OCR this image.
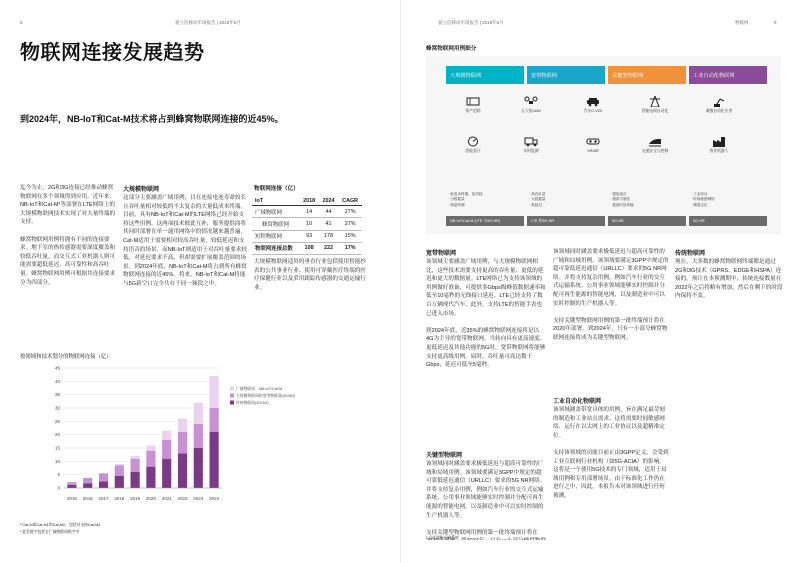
8	爱立信移动市场报告 | 2019年6月
物联网连接发展趋势
到2024年，NB-IoT和Cat-M技术将占到蜂窝物联网连接的近45%。
迄今为止，2G和3G连接已经推动蜂窝物联网在多个领域得到应用。近年来，NB-IoT和Cat-M¹等部署在LTE网络上的大规模物联网技术实现了对大量终端的支持。

蜂窝物联网用例将拥有不同的连接要求。地下室的热传感器需要深度覆盖和较低吞吐量，而交互式工业机器人则可能需要超低延迟、高可靠性和高吞吐量。蜂窝物联网用例可根据其连接要求分为四部分。
大规模物联网
这部分主要涵盖广域用例，目在连接电池寿命较长且吞吐量相对较低的不太复杂的大量低成本终端。目前，具有NB-IoT和Cat-M的LTE网络已经开始支持这些用例。这两项技术彼此互补，服务提供商将其同时部署在单一通用网络中的情况越来越普遍。Cat-M适用于需要相对较高吞吐量、较低延迟和支持语音的场景，而NB-IoT则适用于对吞吐量要求较低、对延迟要求不高、但却需要扩展覆盖范围的场景。到2024年底，NB-IoT和Cat-M将占到所有蜂窝物联网连接的近45%。将来，NB-IoT和Cat-M将能与5G新空口完全共存于同一频段之中。
物联网连接（亿）
IoT	2018	2024	CAGR
广域物联网	14	44	27%
蜂窝物联网	10	41	27%
短程物联网	93	178	15%
物联网连接总数	108	222	17%
大规模物联网适用的垂直行业包括使用智能抄表的公共事业行业、使用可穿戴医疗终端的医疗保健行业以及采用跟踪传感器的交通运输行业。
按领域和技术划分的物联网连接（亿）
0
5
10
15
20
25
30
35
40
45
2015 2016 2017 2018 2019 2020 2021 2022 2023 2024
广域物联网：NB-IoT/Cat-M
大规模物联网和宽带物联网(4G/5G)
传统物联网(2G/3G)
¹ Cat-M即Cat-M1和Cat-M2，包括对支持Cat-M1
² 此处数字包括在广域物联网数字中
爱立信移动市场报告 | 2019年6月	物联网	9
蜂窝物联网用例细分
大规模物联网	宽带物联网	关键型物联网	工业自动化物联网
资产追踪	无人机/UAV	汽车C-V2X	智能电网自动化	离散自动化应用
智能表计	实时监测	VR/AR	交通安全与控制	协作机器人
· 低成本终端、低功耗
· 小数据量
· 海量终端
· 高吞吐量
· 大数据量
· 低延迟
· 超低延迟
· 超高可靠性
· 极低时延传输
· 工业协议
· 时间敏感网络
· 精准定位
NB-IoT/Cat-M (LTE 与5G NR)	LTE 和5G NR	5G NR	5G NR
宽带物联网
该领域主要涵盖广域用例，与大规模物联网相比，这些技术需要支持更高的吞吐量、更低的延迟和更大的数据量。LTE网络已为支持该领域的用例做好准备，可提供多Gbps级峰值数据速率和低至10毫秒的无线接口延迟。LTE已经支持了数百万辆现代汽车，此外，支持LTE的智能手表也已进入市场。

到2024年底，近35%的蜂窝物联网连接将是以4G为主导的宽带物联网。当转向具有更高速度、更低延迟及其他功能的5G时，宽带物联网将能够支持更高级用例。届时，吞吐量可高达数十Gbps，延迟可低至5毫秒。
关键型物联网
该领域同时涵盖要求极低延迟与超高可靠性的广域和局域用例。该领域要满足3GPP中规定的超可靠低延迟通信（URLLC）要求的5G NR网络。并将支持复杂用例，例如汽车行业的交互式运输系统、公用事业领域能够实时控制并分配可再生能源的智能电网，以及制造业中可以实时控制的生产机器人等。

支持关键型物联网用例的第一批终端预计将在
该领域同时涵盖要求极低延迟与超高可靠性的广域和局域用例。该领域要满足3GPP中规定的超可靠低延迟通信（URLLC）要求的5G NR网络。并将支持复杂用例，例如汽车行业的交互式运输系统、公用事业领域能够实时控制并分配可再生能源的智能电网，以及制造业中可以实时控制的生产机器人等。

支持关键型物联网用例的第一批终端预计将在2020年部署。到2024年，只有一小部分蜂窝物联网连接将成为关键型物联网。
工业自动化物联网
该领域涵盖带宽具体的用例，旨在满足最苛刻的制造和工业站点需求。这将需要时间敏感网络、运行在以太网上的工业协议以及超精准定位。

支持该领域的功能目前正由3GPP定义，会受到工业互联网行业机构（如5G-ACIA）的影响。这将是一个使用5G技术的专门领域，适用于局域用例和专用部署场景。由于标准化工作仍在进行之中，因此，本报告未对该领域进行任何预测。
传统物联网
现在，大多数的蜂窝物联网终端都是通过2G和3G技术（GPRS、EDGE和HSPA）连接的。预计在本预测期中，传统连接数量在2022年之后将略有增加，然后在剩下的时段内保持不变。
³ 合作智能运输系统
